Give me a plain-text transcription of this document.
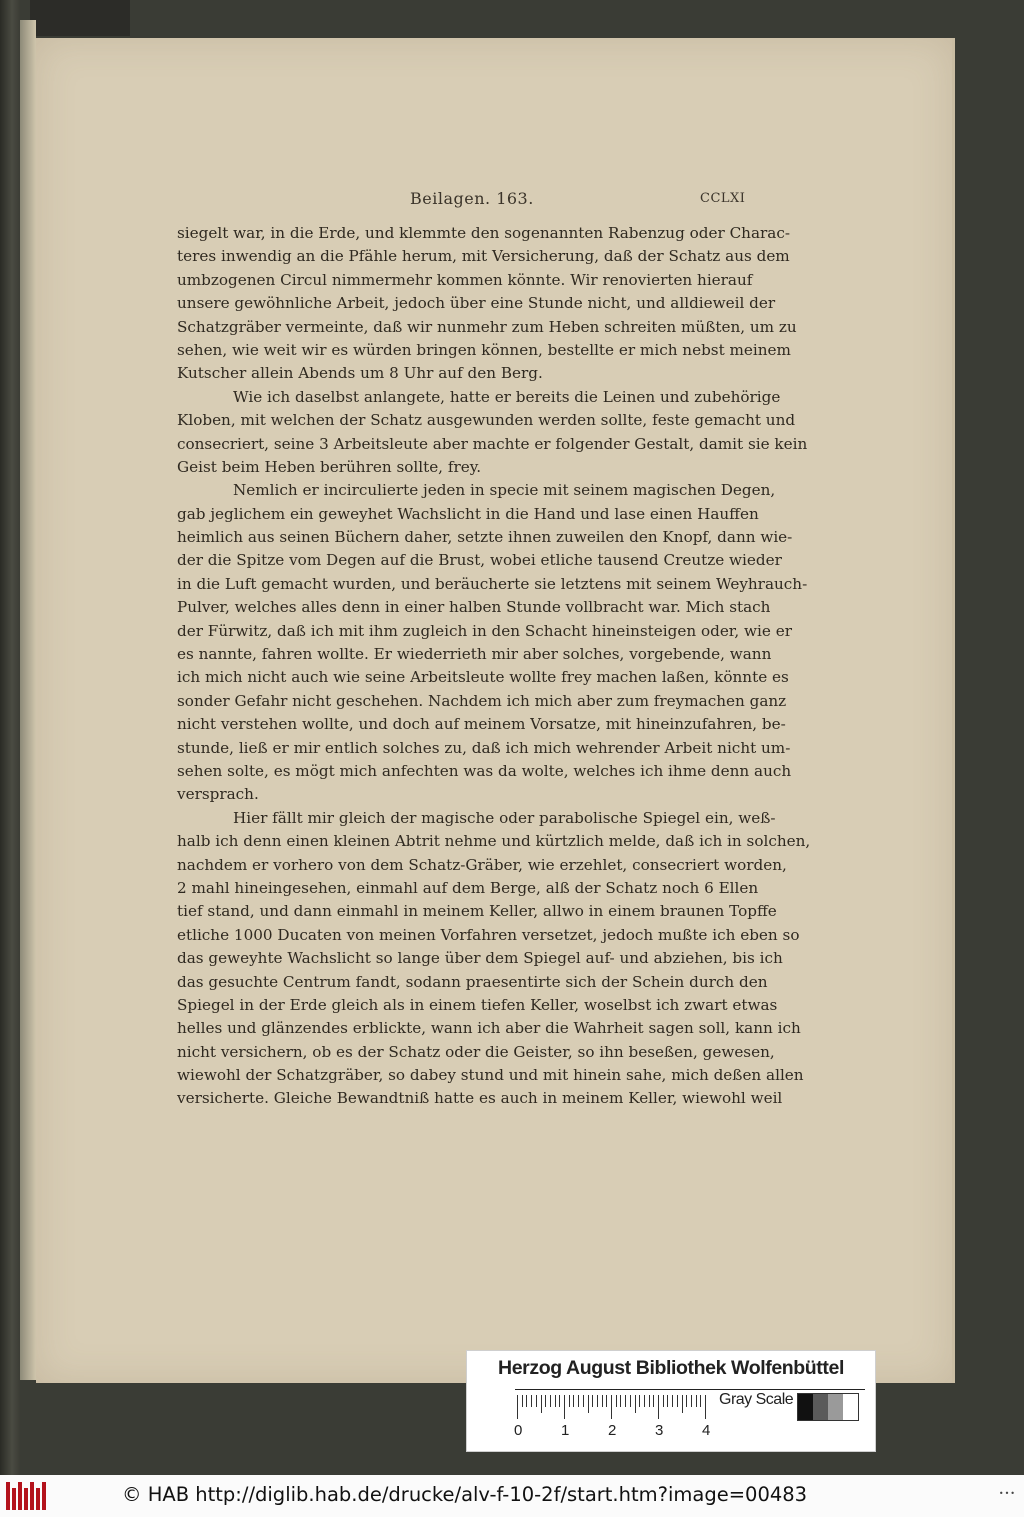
Beilagen. 163.	CCLXI
siegelt war, in die Erde, und klemmte den sogenannten Rabenzug oder Charac-
teres inwendig an die Pfähle herum, mit Versicherung, daß der Schatz aus dem
umbzogenen Circul nimmermehr kommen könnte. Wir renovierten hierauf
unsere gewöhnliche Arbeit, jedoch über eine Stunde nicht, und alldieweil der
Schatzgräber vermeinte, daß wir nunmehr zum Heben schreiten müßten, um zu
sehen, wie weit wir es würden bringen können, bestellte er mich nebst meinem
Kutscher allein Abends um 8 Uhr auf den Berg.
Wie ich daselbst anlangete, hatte er bereits die Leinen und zubehörige
Kloben, mit welchen der Schatz ausgewunden werden sollte, feste gemacht und
consecriert, seine 3 Arbeitsleute aber machte er folgender Gestalt, damit sie kein
Geist beim Heben berühren sollte, frey.
Nemlich er incirculierte jeden in specie mit seinem magischen Degen,
gab jeglichem ein geweyhet Wachslicht in die Hand und lase einen Hauffen
heimlich aus seinen Büchern daher, setzte ihnen zuweilen den Knopf, dann wie-
der die Spitze vom Degen auf die Brust, wobei etliche tausend Creutze wieder
in die Luft gemacht wurden, und beräucherte sie letztens mit seinem Weyhrauch-
Pulver, welches alles denn in einer halben Stunde vollbracht war. Mich stach
der Fürwitz, daß ich mit ihm zugleich in den Schacht hineinsteigen oder, wie er
es nannte, fahren wollte. Er wiederrieth mir aber solches, vorgebende, wann
ich mich nicht auch wie seine Arbeitsleute wollte frey machen laßen, könnte es
sonder Gefahr nicht geschehen. Nachdem ich mich aber zum freymachen ganz
nicht verstehen wollte, und doch auf meinem Vorsatze, mit hineinzufahren, be-
stunde, ließ er mir entlich solches zu, daß ich mich wehrender Arbeit nicht um-
sehen solte, es mögt mich anfechten was da wolte, welches ich ihme denn auch
versprach.
Hier fällt mir gleich der magische oder parabolische Spiegel ein, weß-
halb ich denn einen kleinen Abtrit nehme und kürtzlich melde, daß ich in solchen,
nachdem er vorhero von dem Schatz-Gräber, wie erzehlet, consecriert worden,
2 mahl hineingesehen, einmahl auf dem Berge, alß der Schatz noch 6 Ellen
tief stand, und dann einmahl in meinem Keller, allwo in einem braunen Topffe
etliche 1000 Ducaten von meinen Vorfahren versetzet, jedoch mußte ich eben so
das geweyhte Wachslicht so lange über dem Spiegel auf- und abziehen, bis ich
das gesuchte Centrum fandt, sodann praesentirte sich der Schein durch den
Spiegel in der Erde gleich als in einem tiefen Keller, woselbst ich zwart etwas
helles und glänzendes erblickte, wann ich aber die Wahrheit sagen soll, kann ich
nicht versichern, ob es der Schatz oder die Geister, so ihn beseßen, gewesen,
wiewohl der Schatzgräber, so dabey stund und mit hinein sahe, mich deßen allen
versicherte. Gleiche Bewandtniß hatte es auch in meinem Keller, wiewohl weil
Herzog August Bibliothek Wolfenbüttel
0	1	2	3	4
Gray Scale
© HAB http://diglib.hab.de/drucke/alv-f-10-2f/start.htm?image=00483	•••
